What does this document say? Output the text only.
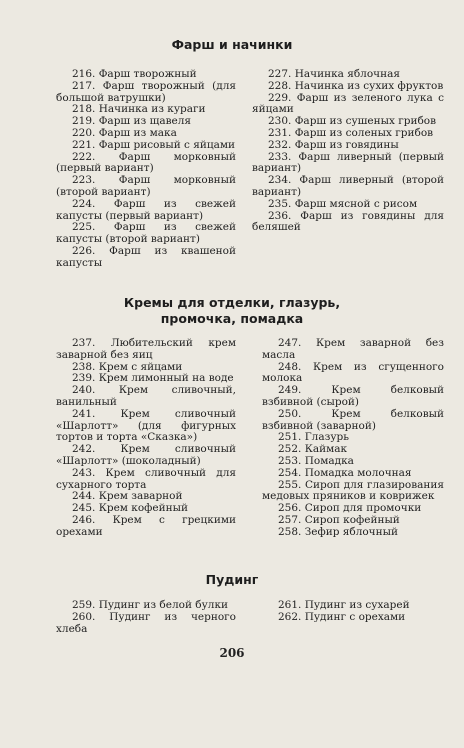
Фарш и начинки

216. Фарш творожный

217. Фарш творожный (для большой ватрушки)

218. Начинка из кураги

219. Фарш из щавеля

220. Фарш из мака

221. Фарш рисовый с яйцами

222. Фарш морковный (первый вариант)

223. Фарш морковный (второй вариант)

224. Фарш из свежей капусты (первый вариант)

225. Фарш из свежей капусты (второй вариант)

226. Фарш из квашеной капусты

227. Начинка яблочная

228. Начинка из сухих фруктов

229. Фарш из зеленого лука с яйцами

230. Фарш из сушеных грибов

231. Фарш из соленых грибов

232. Фарш из говядины

233. Фарш ливерный (первый вариант)

234. Фарш ливерный (второй вариант)

235. Фарш мясной с рисом

236. Фарш из говядины для беляшей

Кремы для отделки, глазурь,
промочка, помадка

237. Любительский крем заварной без яиц

238. Крем с яйцами

239. Крем лимонный на воде

240. Крем сливочный, ванильный

241. Крем сливочный «Шарлотт» (для фигурных тортов и торта «Сказка»)

242. Крем сливочный «Шарлотт» (шоколадный)

243. Крем сливочный для сухарного торта

244. Крем заварной

245. Крем кофейный

246. Крем с грецкими орехами

247. Крем заварной без масла

248. Крем из сгущенного молока

249. Крем белковый взбивной (сырой)

250. Крем белковый взбивной (заварной)

251. Глазурь

252. Каймак

253. Помадка

254. Помадка молочная

255. Сироп для глазирования медовых пряников и коврижек

256. Сироп для промочки

257. Сироп кофейный

258. Зефир яблочный

Пудинг

259. Пудинг из белой булки

260. Пудинг из черного хлеба

261. Пудинг из сухарей

262. Пудинг с орехами

206
